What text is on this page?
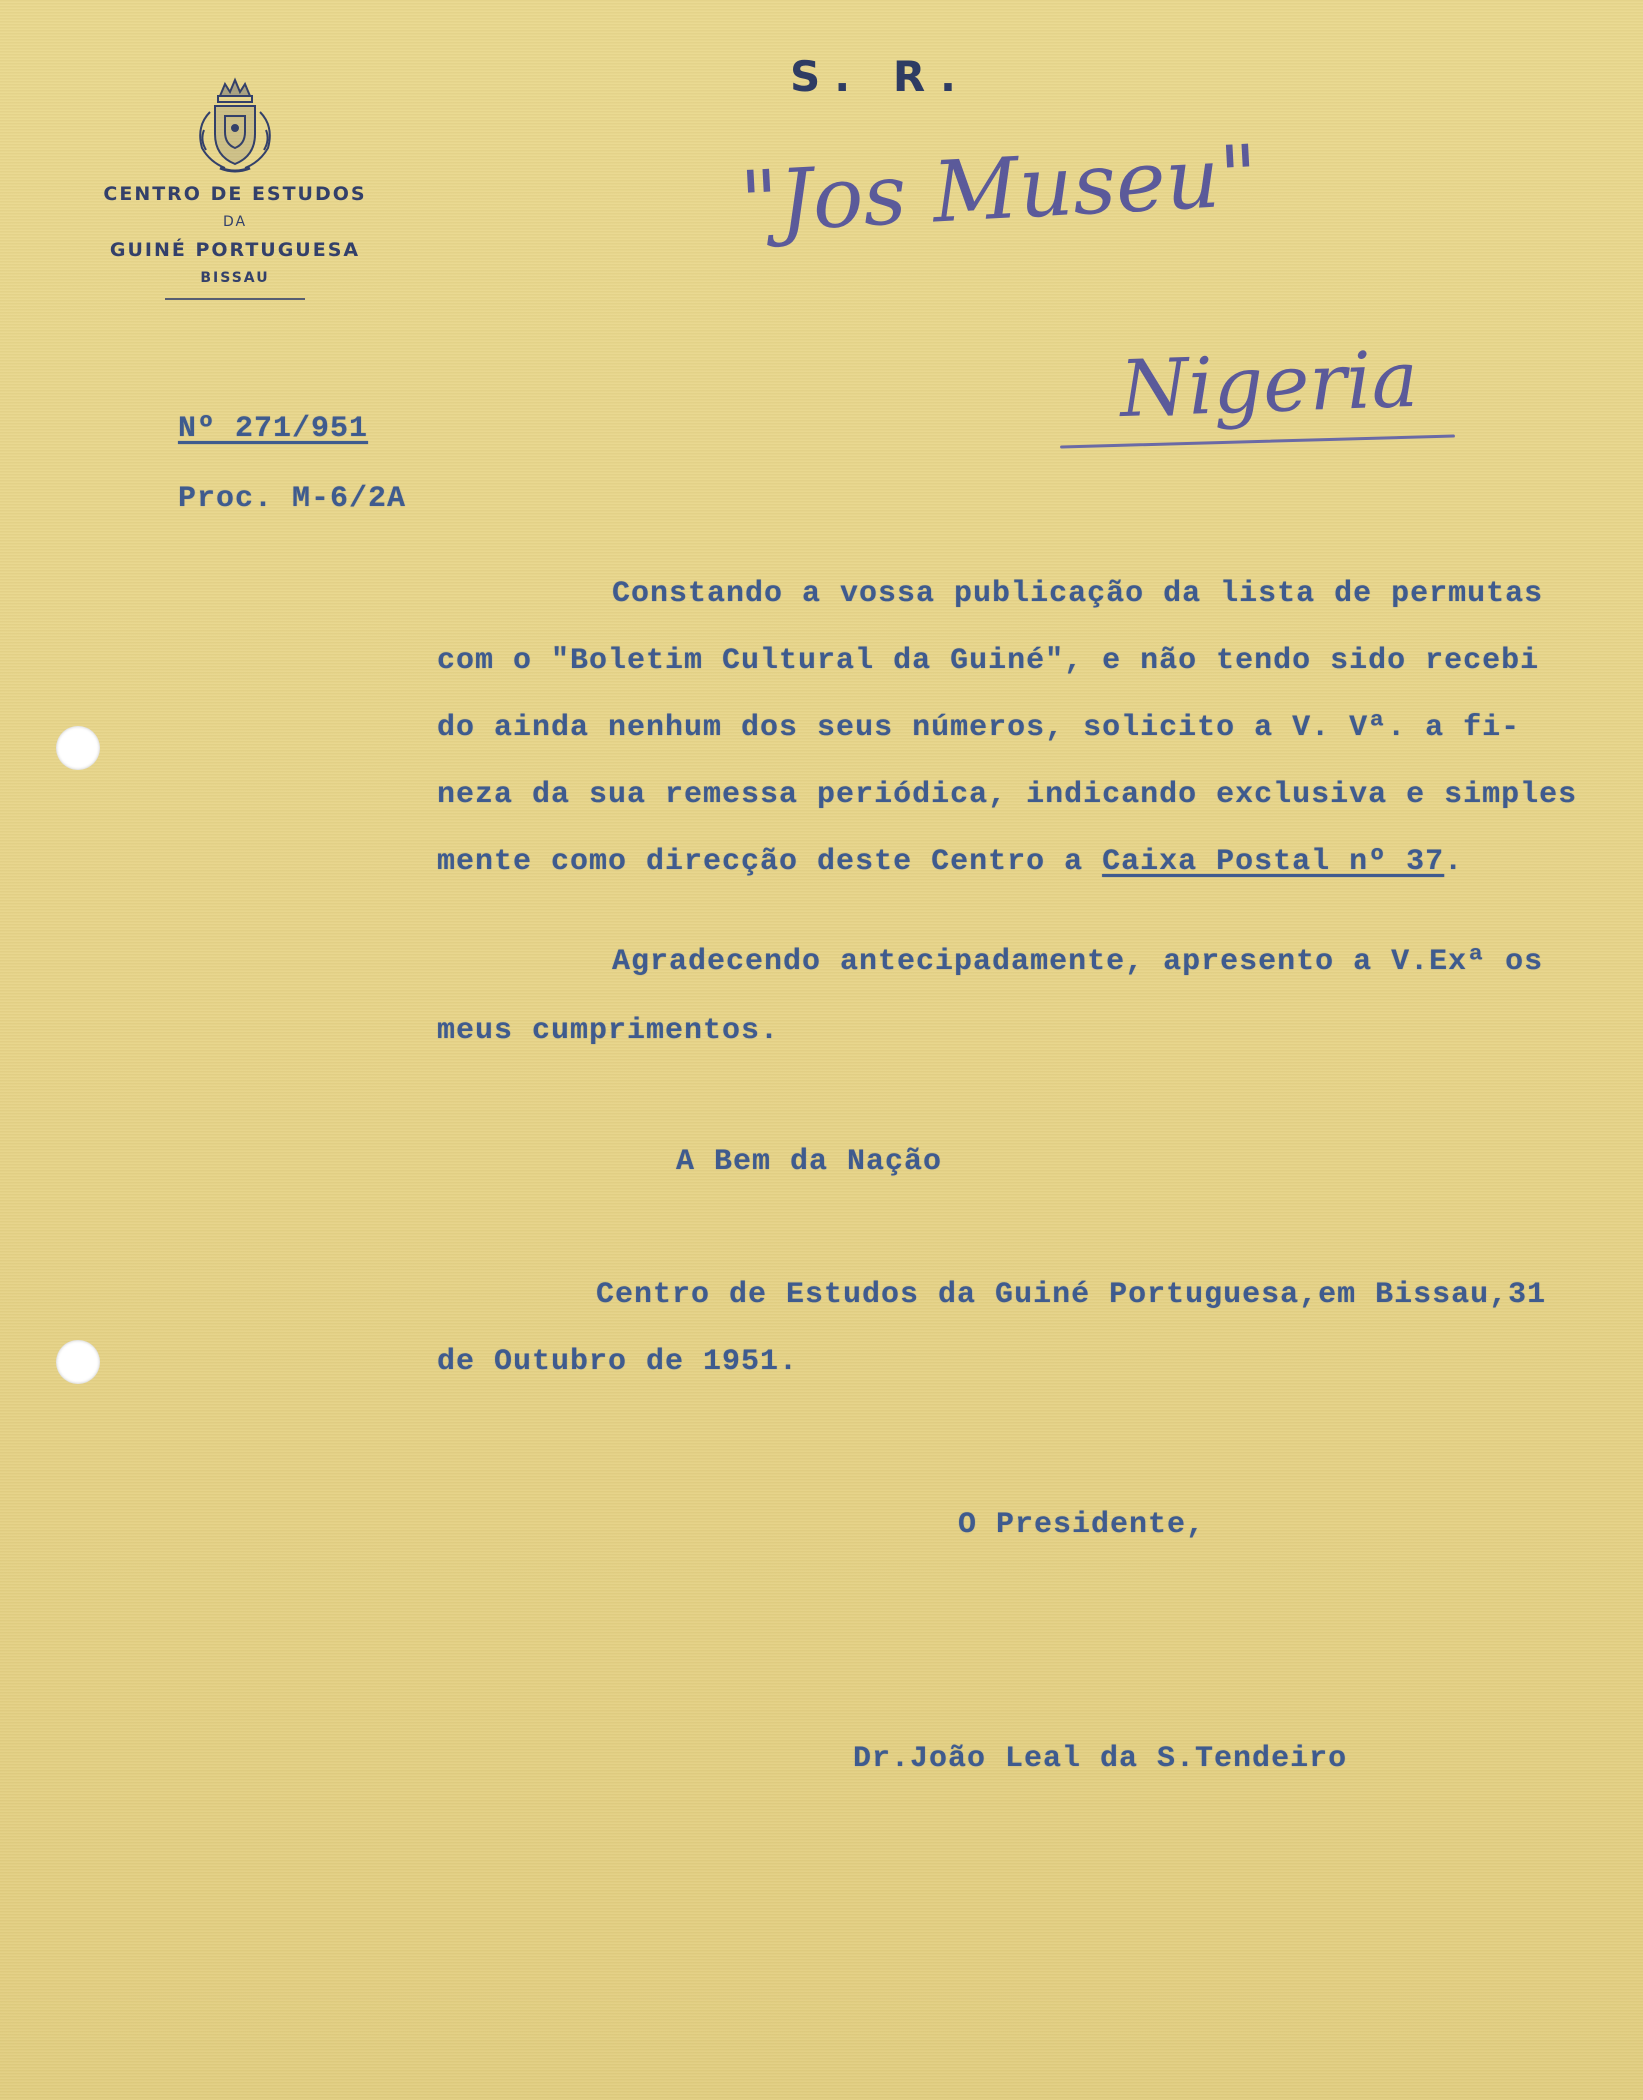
S. R.
CENTRO DE ESTUDOS
DA
GUINÉ PORTUGUESA
BISSAU
"Jos Museu"
Nigeria
Nº 271/951
Proc. M-6/2A
Constando a vossa publicação da lista de permutas
com o "Boletim Cultural da Guiné", e não tendo sido recebi
do ainda nenhum dos seus números, solicito a V. Vª. a fi-
neza da sua remessa periódica, indicando exclusiva e simples
mente como direcção deste Centro a Caixa Postal nº 37.
Agradecendo antecipadamente, apresento a V.Exª os
meus cumprimentos.
A Bem da Nação
Centro de Estudos da Guiné Portuguesa,em Bissau,31
de Outubro de 1951.
O Presidente,
Dr.João Leal da S.Tendeiro
